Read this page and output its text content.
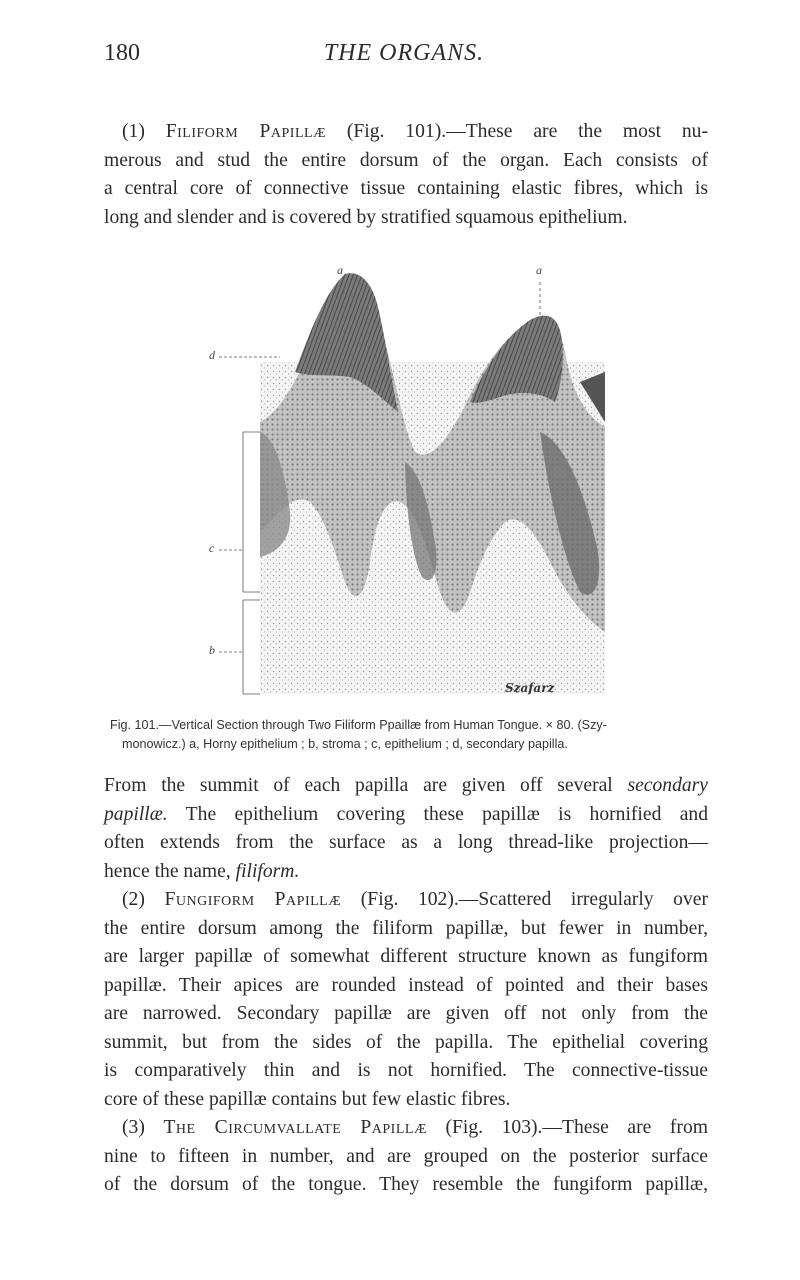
180	THE ORGANS.

(1) Filiform Papillæ (Fig. 101).—These are the most nu-
merous and stud the entire dorsum of the organ. Each consists of
a central core of connective tissue containing elastic fibres, which is
long and slender and is covered by stratified squamous epithelium.

Szafarz
a	a
d
c
b
Fig. 101.—Vertical Section through Two Filiform Ppaillæ from Human Tongue. × 80. (Szy-
monowicz.) a, Horny epithelium ; b, stroma ; c, epithelium ; d, secondary papilla.

From the summit of each papilla are given off several secondary
papillæ. The epithelium covering these papillæ is hornified and
often extends from the surface as a long thread-like projection—
hence the name, filiform.

(2) Fungiform Papillæ (Fig. 102).—Scattered irregularly over
the entire dorsum among the filiform papillæ, but fewer in number,
are larger papillæ of somewhat different structure known as fungiform
papillæ. Their apices are rounded instead of pointed and their bases
are narrowed. Secondary papillæ are given off not only from the
summit, but from the sides of the papilla. The epithelial covering
is comparatively thin and is not hornified. The connective-tissue
core of these papillæ contains but few elastic fibres.

(3) The Circumvallate Papillæ (Fig. 103).—These are from
nine to fifteen in number, and are grouped on the posterior surface
of the dorsum of the tongue. They resemble the fungiform papillæ,
